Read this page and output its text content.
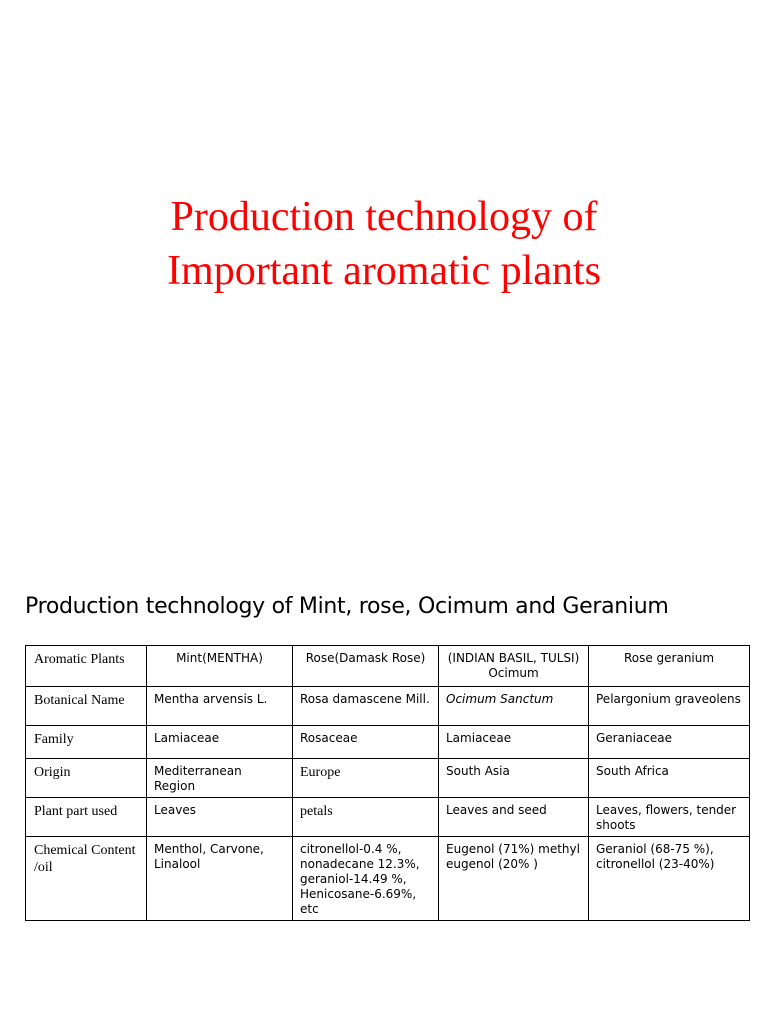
Production technology of
Important aromatic plants
Production technology of Mint, rose, Ocimum and Geranium
Aromatic Plants	Mint(MENTHA)	Rose(Damask Rose)	(INDIAN BASIL, TULSI) Ocimum	Rose geranium
Botanical Name	Mentha arvensis L.	Rosa damascene Mill.	Ocimum Sanctum	Pelargonium graveolens
Family	Lamiaceae	Rosaceae	Lamiaceae	Geraniaceae
Origin	Mediterranean Region	Europe	South Asia	South Africa
Plant part used	Leaves	petals	Leaves and seed	Leaves, flowers, tender shoots
Chemical Content /oil	Menthol, Carvone, Linalool	citronellol-0.4 %, nonadecane 12.3%, geraniol-14.49 %, Henicosane-6.69%, etc	Eugenol (71%) methyl eugenol (20% )	Geraniol (68-75 %), citronellol (23-40%)
